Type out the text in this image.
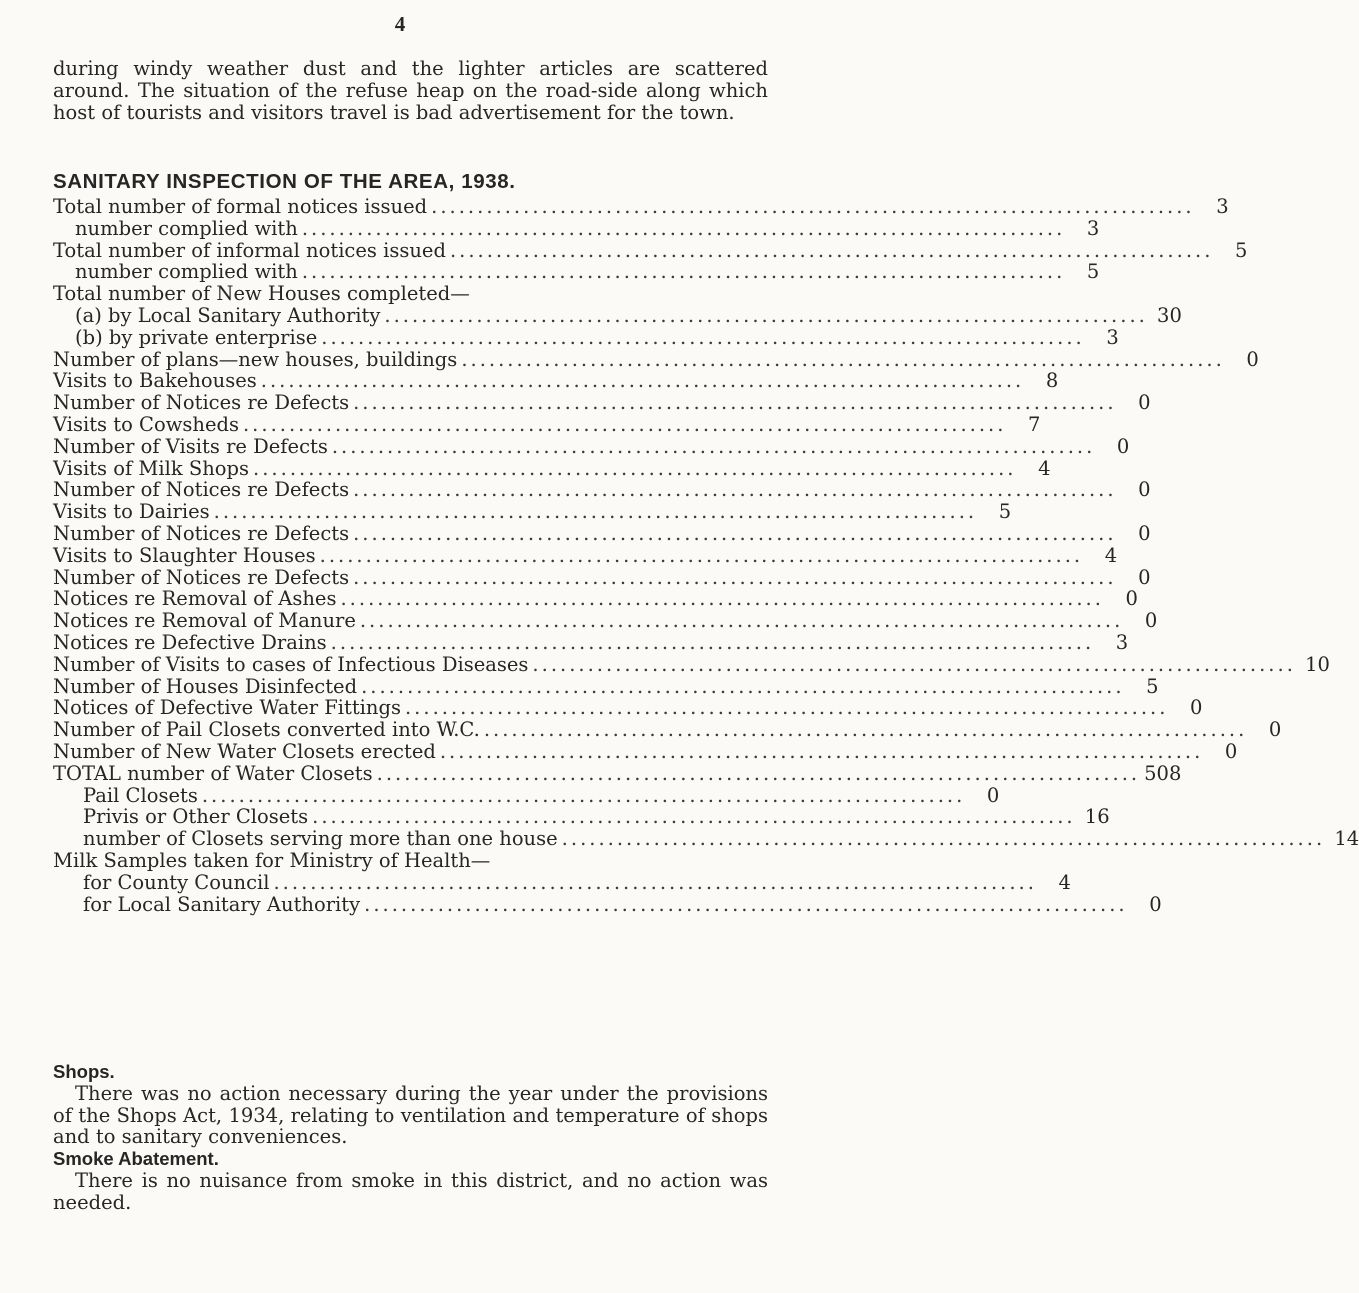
4
during windy weather dust and the lighter articles are scattered around. The situation of the refuse heap on the road-side along which host of tourists and visitors travel is bad advertisement for the town.
SANITARY INSPECTION OF THE AREA, 1938.
Total number of formal notices issued ...................................................................................	3
number complied with ...................................................................................	3
Total number of informal notices issued ...................................................................................	5
number complied with ...................................................................................	5
Total number of New Houses completed—
(a) by Local Sanitary Authority ................................................................................... 30
(b) by private enterprise ...................................................................................	3
Number of plans—new houses, buildings ...................................................................................	0
Visits to Bakehouses ...................................................................................	8
Number of Notices re Defects ...................................................................................	0
Visits to Cowsheds ...................................................................................	7
Number of Visits re Defects ...................................................................................	0
Visits of Milk Shops ...................................................................................	4
Number of Notices re Defects ...................................................................................	0
Visits to Dairies ...................................................................................	5
Number of Notices re Defects ...................................................................................	0
Visits to Slaughter Houses ...................................................................................	4
Number of Notices re Defects ...................................................................................	0
Notices re Removal of Ashes ...................................................................................	0
Notices re Removal of Manure ...................................................................................	0
Notices re Defective Drains ...................................................................................	3
Number of Visits to cases of Infectious Diseases ................................................................................... 10
Number of Houses Disinfected ...................................................................................	5
Notices of Defective Water Fittings ...................................................................................	0
Number of Pail Closets converted into W.C. ...................................................................................	0
Number of New Water Closets erected ...................................................................................	0
TOTAL number of Water Closets ................................................................................... 508
Pail Closets ...................................................................................	0
Privis or Other Closets ................................................................................... 16
number of Closets serving more than one house ................................................................................... 14
Milk Samples taken for Ministry of Health—
for County Council ...................................................................................	4
for Local Sanitary Authority ...................................................................................	0
Shops.
There was no action necessary during the year under the provisions of the Shops Act, 1934, relating to ventilation and temperature of shops and to sanitary conveniences.
Smoke Abatement.
There is no nuisance from smoke in this district, and no action was needed.
